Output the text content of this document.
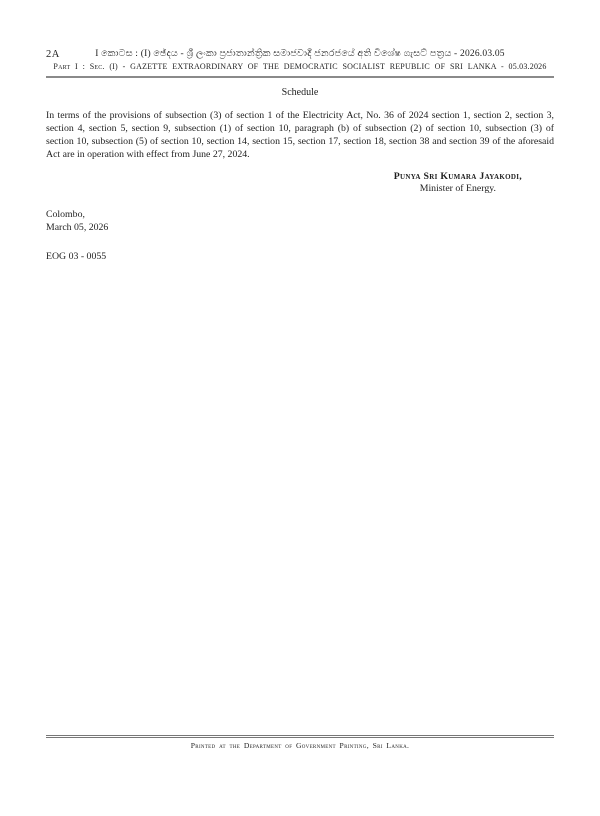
2A	I කොටස : (I) ඡේදය - ශ්‍රී ලංකා ප්‍රජාතාන්ත්‍රික සමාජවාදී ජනරජයේ අති විශේෂ ගැසට් පත්‍රය - 2026.03.05
Part I : Sec. (I) - GAZETTE EXTRAORDINARY OF THE DEMOCRATIC SOCIALIST REPUBLIC OF SRI LANKA - 05.03.2026
Schedule

In terms of the provisions of subsection (3) of section 1 of the Electricity Act, No. 36 of 2024 section 1, section 2, section 3, section 4, section 5, section 9, subsection (1) of section 10, paragraph (b) of subsection (2) of section 10, subsection (3) of section 10, subsection (5) of section 10, section 14, section 15, section 17, section 18, section 38 and section 39 of the aforesaid Act are in operation with effect from June 27, 2024.

Punya Sri Kumara Jayakodi,
Minister of Energy.
Colombo,
March 05, 2026
EOG 03 - 0055
Printed at the Department of Government Printing, Sri Lanka.
